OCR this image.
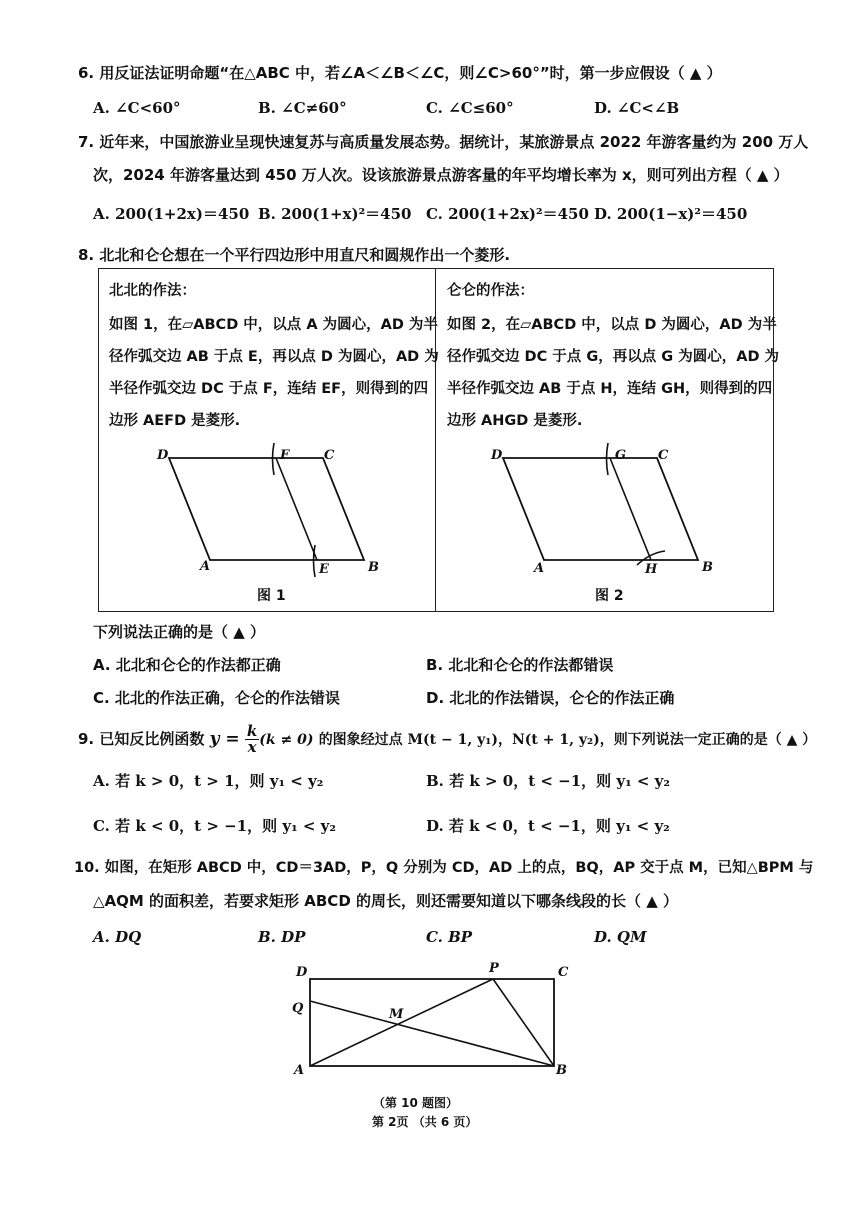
6. 用反证法证明命题“在△ABC 中，若∠A＜∠B＜∠C，则∠C>60°”时，第一步应假设（ ▲ ）
A. ∠C<60°	B. ∠C≠60°	C. ∠C≤60°	D. ∠C<∠B
7. 近年来，中国旅游业呈现快速复苏与高质量发展态势。据统计，某旅游景点 2022 年游客量约为 200 万人
次，2024 年游客量达到 450 万人次。设该旅游景点游客量的年平均增长率为 x，则可列出方程（ ▲ ）
A. 200(1+2x)＝450 B. 200(1+x)²＝450 C. 200(1+2x)²＝450 D. 200(1−x)²＝450
8. 北北和仑仑想在一个平行四边形中用直尺和圆规作出一个菱形.
北北的作法：
如图 1，在▱ABCD 中，以点 A 为圆心，AD 为半
径作弧交边 AB 于点 E，再以点 D 为圆心，AD 为
半径作弧交边 DC 于点 F，连结 EF，则得到的四
边形 AEFD 是菱形.
D	F	C
A	E	B
图 1
仑仑的作法：
如图 2，在▱ABCD 中，以点 D 为圆心，AD 为半
径作弧交边 DC 于点 G，再以点 G 为圆心，AD 为
半径作弧交边 AB 于点 H，连结 GH，则得到的四
边形 AHGD 是菱形.
D	G C
A	H	B
图 2
下列说法正确的是（ ▲ ）
A. 北北和仑仑的作法都正确	B. 北北和仑仑的作法都错误
C. 北北的作法正确，仑仑的作法错误	D. 北北的作法错误，仑仑的作法正确
9. 已知反比例函数 $y = \frac{k}{x} (k \ne 0)$ 的图象经过点 M(t − 1, y₁)，N(t + 1, y₂)，则下列说法一定正确的是（ ▲ ）
A. 若 k > 0，t > 1，则 y₁ < y₂	B. 若 k > 0，t < −1，则 y₁ < y₂
C. 若 k < 0，t > −1，则 y₁ < y₂	D. 若 k < 0，t < −1，则 y₁ < y₂
10. 如图，在矩形 ABCD 中，CD＝3AD，P，Q 分别为 CD，AD 上的点，BQ，AP 交于点 M，已知△BPM 与
△AQM 的面积差，若要求矩形 ABCD 的周长，则还需要知道以下哪条线段的长（ ▲ ）
A. DQ	B. DP	C. BP	D. QM
D	P	C
Q	M
A	B
（第 10 题图）
第 2页 （共 6 页）
